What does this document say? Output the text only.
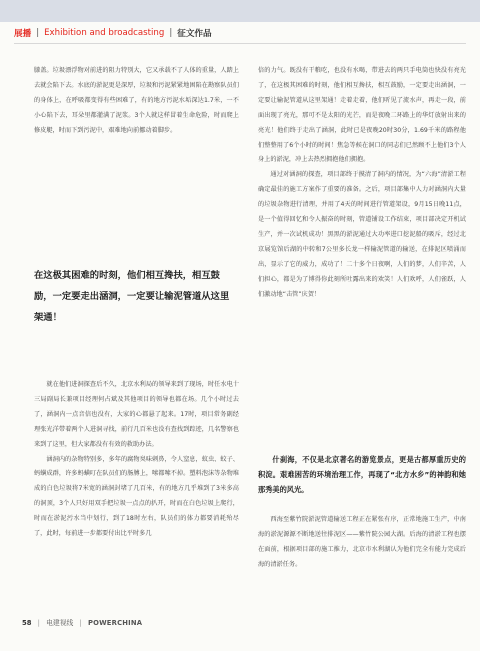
展播 | Exhibition and broadcasting | 征文作品

膝盖。垃圾漂浮物对前进的阻力特别大，它又承载不了人体的重量，人踏上去就会陷下去。水底的淤泥更是深厚，垃圾和污泥紧紧地困陷在勘察队员们的身体上，在呼吸都变得有些困难了，有的地方污泥水垢深达1.7米，一不小心陷下去，耳朵里都灌满了泥浆。3个人就这样冒着生命危险，时而爬上修皮艇，时而下到污泥中，艰难地向前挪动着脚步。

在这极其困难的时刻，他们相互搀扶，相互鼓励，一定要走出涵洞，一定要让输泥管道从这里架通！

就在他们进洞探查后不久，北京水利局的领导来到了现场，时任水电十三局副局长兼项目经理何占斌及其他项目的领导也都在场。几个小时过去了，涵洞内一点音信也没有，大家的心都悬了起来。17时，项目常务副经理张光洋带着两个人进洞寻找，前行几百米也没有查找到踪迹，几名警察也来到了这里，但大家都没有有效的救助办法。

涵洞内的杂物特别多，多年的腐物臭味刺鼻，令人窒息，蚊虫、蚊子、蚂蟥成群，许多蚂蟥叮在队员们的肠膊上，嗦都嗦不掉。塑料泡沫等杂物堆成的白色垃圾将7米宽的涵洞封堵了几百米，有的地方几乎堆到了3米多高的洞顶，3个人只好用双手把垃圾一点点的扒开，时而在白色垃圾上爬行，时而在淤泥污水当中划行，到了18时左右，队员们的体力都要消耗殆尽了，此时，每前进一步都要付出比平时多几

倍的力气。既没有干粮吃，也没有水喝，带进去的两只手电筒也快没有亮光了，在这极其困难的时刻，他们相互搀扶，相互鼓励，一定要走出涵洞，一定要让输泥管道从这里架通！走着走着，他们听见了流水声，再走一段，前面出现了亮光，那可不是太阳的光芒，而是夜晚二环路上的华灯放射出来的亮光！他们终于走出了涵洞，此时已是夜晚20时30分，1.69千米的路程他们整整用了6个小时的时间！焦急等候在洞口的同志们已然顾不上他们3个人身上的淤泥，冲上去热烈拥抱他们拥抱。

通过对涵洞的探查，项目部终于摸清了洞内的情况，为“六海”清淤工程确定最佳的施工方案作了重要的准备。之后，项目部集中人力对涵洞内大量的垃圾杂物进行清理，并用了4天的时间进行管道架设，9月15日晚11点，是一个值得回忆和令人振奋的时刻，管道铺设工作结束，项目部决定开机试生产，并一次试机成功！黑黑的淤泥通过大功率进口挖泥船的吸斥，经过北京展览馆后湖的中转和7公里多长龙一样输泥管道的输送，在排泥区喷涌而出，显示了它的威力，成功了！二十多个日夜啊，人们的梦，人们辛苦，人们担心，都是为了博得你此刻所吐露出来的欢笑！人们欢呼，人们雀跃，人们激动地“击管”庆贺！

什刹海，不仅是北京著名的游览景点，更是古都厚重历史的积淀。艰难困苦的环境治理工作，再现了“北方水乡”的神韵和她那秀美的风光。

西海至紫竹院淤泥管道输送工程正在紧张有序，正常地施工生产，中南海的淤泥源源不断地送往排泥区——紫竹院公园大湖。后海的清淤工程也摆在面前，根据项目部的施工推力，北京市水利湖认为他们完全有能力完成后海的清淤任务。

58 | 电建视线 | POWERCHINA
